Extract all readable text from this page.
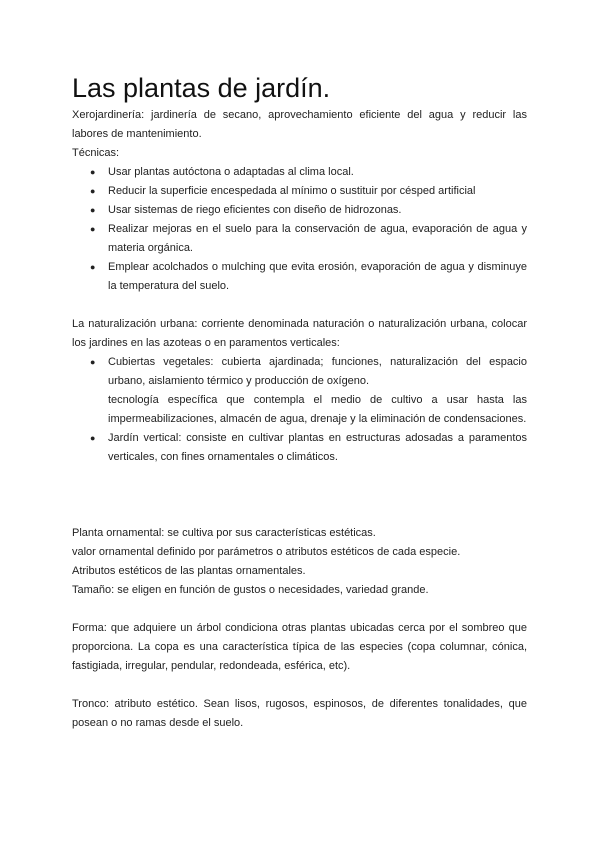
Las plantas de jardín.

Xerojardinería: jardinería de secano, aprovechamiento eficiente del agua y reducir las labores de mantenimiento.

Técnicas:

● Usar plantas autóctona o adaptadas al clima local.
● Reducir la superficie encespedada al mínimo o sustituir por césped artificial
● Usar sistemas de riego eficientes con diseño de hidrozonas.
● Realizar mejoras en el suelo para la conservación de agua, evaporación de agua y materia orgánica.
● Emplear acolchados o mulching que evita erosión, evaporación de agua y disminuye la temperatura del suelo.

La naturalización urbana: corriente denominada naturación o naturalización urbana, colocar los jardines en las azoteas o en paramentos verticales:

● Cubiertas vegetales: cubierta ajardinada; funciones, naturalización del espacio urbano, aislamiento térmico y producción de oxígeno.

tecnología específica que contempla el medio de cultivo a usar hasta las impermeabilizaciones, almacén de agua, drenaje y la eliminación de condensaciones.

● Jardín vertical: consiste en cultivar plantas en estructuras adosadas a paramentos verticales, con fines ornamentales o climáticos.

Planta ornamental: se cultiva por sus características estéticas.

valor ornamental definido por parámetros o atributos estéticos de cada especie.

Atributos estéticos de las plantas ornamentales.

Tamaño: se eligen en función de gustos o necesidades, variedad grande.

Forma: que adquiere un árbol condiciona otras plantas ubicadas cerca por el sombreo que proporciona. La copa es una característica típica de las especies (copa columnar, cónica, fastigiada, irregular, pendular, redondeada, esférica, etc).

Tronco: atributo estético. Sean lisos, rugosos, espinosos, de diferentes tonalidades, que posean o no ramas desde el suelo.
